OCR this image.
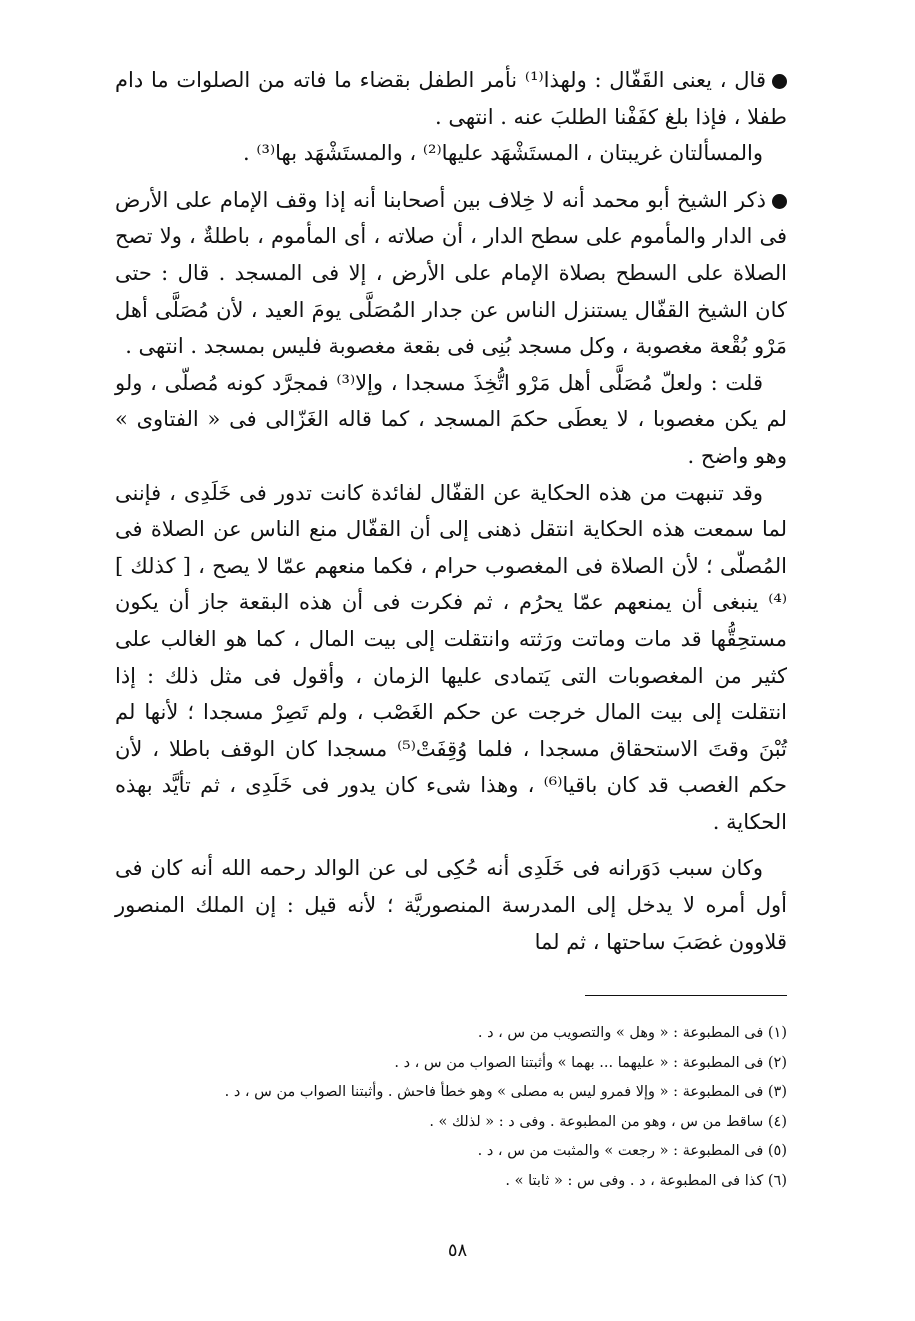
قال ، يعنى القَفّال : ولهذا⁽¹⁾ نأمر الطفل بقضاء ما فاته من الصلوات ما دام طفلا ، فإذا بلغ كفَفْنا الطلبَ عنه . انتهى .

والمسألتان غريبتان ، المستَشْهَد عليها⁽²⁾ ، والمستَشْهَد بها⁽³⁾ .

ذكر الشيخ أبو محمد أنه لا خِلاف بين أصحابنا أنه إذا وقف الإمام على الأرض فى الدار والمأموم على سطح الدار ، أن صلاته ، أى المأموم ، باطلةٌ ، ولا تصح الصلاة على السطح بصلاة الإمام على الأرض ، إلا فى المسجد . قال : حتى كان الشيخ القفّال يستنزل الناس عن جدار المُصَلَّى يومَ العيد ، لأن مُصَلَّى أهل مَرْو بُقْعة مغصوبة ، وكل مسجد بُنِى فى بقعة مغصوبة فليس بمسجد . انتهى .

قلت : ولعلّ مُصَلَّى أهل مَرْو اتُّخِذَ مسجدا ، وإلا⁽³⁾ فمجرَّد كونه مُصلّى ، ولو لم يكن مغصوبا ، لا يعطَى حكمَ المسجد ، كما قاله الغَزّالى فى « الفتاوى » وهو واضح .

وقد تنبهت من هذه الحكاية عن القفّال لفائدة كانت تدور فى خَلَدِى ، فإننى لما سمعت هذه الحكاية انتقل ذهنى إلى أن القفّال منع الناس عن الصلاة فى المُصلّى ؛ لأن الصلاة فى المغصوب حرام ، فكما منعهم عمّا لا يصح ، [ كذلك ]⁽⁴⁾ ينبغى أن يمنعهم عمّا يحرُم ، ثم فكرت فى أن هذه البقعة جاز أن يكون مستحِقُّها قد مات وماتت ورَثته وانتقلت إلى بيت المال ، كما هو الغالب على كثير من المغصوبات التى يَتمادى عليها الزمان ، وأقول فى مثل ذلك : إذا انتقلت إلى بيت المال خرجت عن حكم الغَصْب ، ولم تَصِرْ مسجدا ؛ لأنها لم تُبْنَ وقتَ الاستحقاق مسجدا ، فلما وُقِفَتْ⁽⁵⁾ مسجدا كان الوقف باطلا ، لأن حكم الغصب قد كان باقيا⁽⁶⁾ ، وهذا شىء كان يدور فى خَلَدِى ، ثم تأيَّد بهذه الحكاية .

وكان سبب دَوَرانه فى خَلَدِى أنه حُكِى لى عن الوالد رحمه الله أنه كان فى أول أمره لا يدخل إلى المدرسة المنصوريَّة ؛ لأنه قيل : إن الملك المنصور قلاوون غصَبَ ساحتها ، ثم لما

(١) فى المطبوعة : « وهل » والتصويب من س ، د .

(٢) فى المطبوعة : « عليهما ... بهما » وأثبتنا الصواب من س ، د .

(٣) فى المطبوعة : « وإلا فمرو ليس به مصلى » وهو خطأ فاحش . وأثبتنا الصواب من س ، د .

(٤) ساقط من س ، وهو من المطبوعة . وفى د : « لذلك » .

(٥) فى المطبوعة : « رجعت » والمثبت من س ، د .

(٦) كذا فى المطبوعة ، د . وفى س : « ثابتا » .

٥٨
